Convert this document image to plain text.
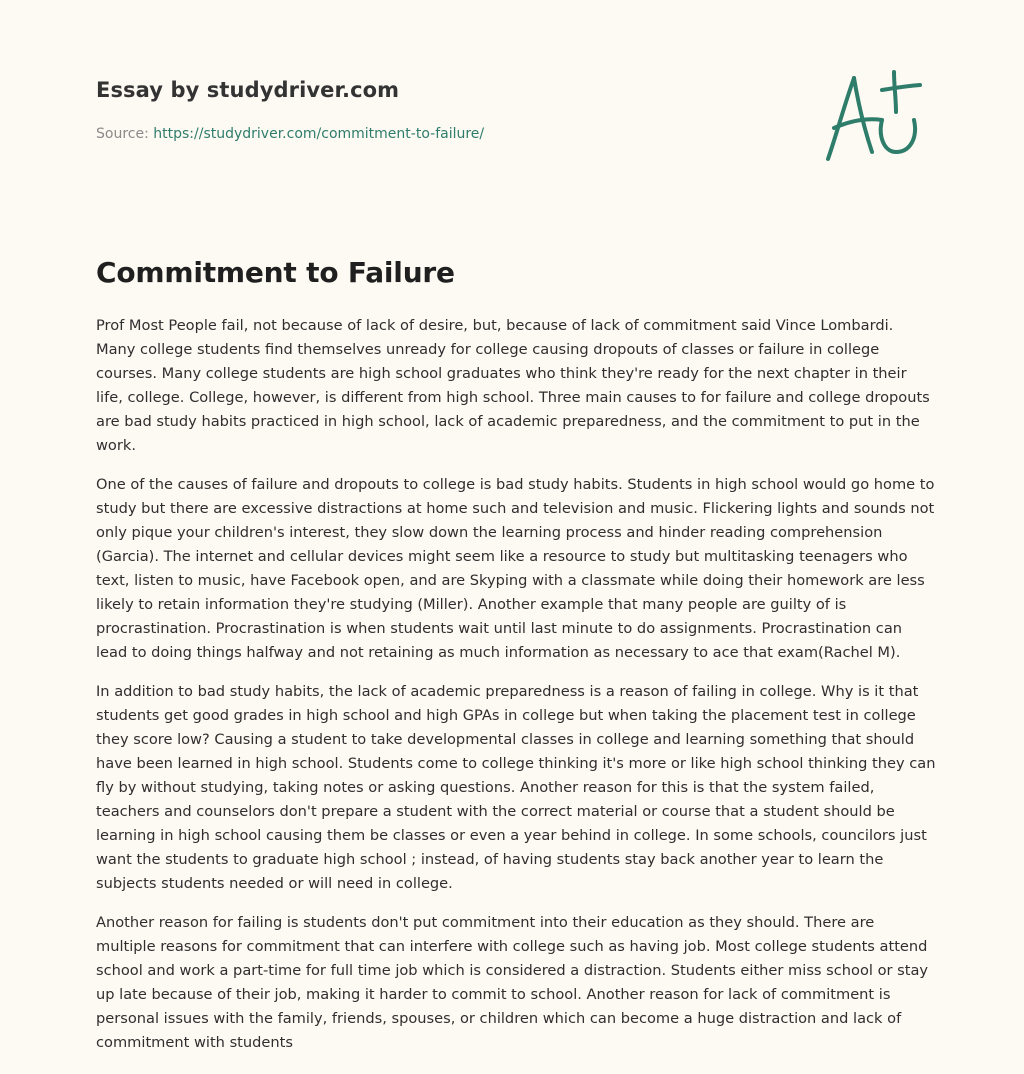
Essay by studydriver.com
Source: https://studydriver.com/commitment-to-failure/
Commitment to Failure

Prof Most People fail, not because of lack of desire, but, because of lack of commitment said Vince Lombardi. Many college students find themselves unready for college causing dropouts of classes or failure in college courses. Many college students are high school graduates who think they're ready for the next chapter in their life, college. College, however, is different from high school. Three main causes to for failure and college dropouts are bad study habits practiced in high school, lack of academic preparedness, and the commitment to put in the work.

One of the causes of failure and dropouts to college is bad study habits. Students in high school would go home to study but there are excessive distractions at home such and television and music. Flickering lights and sounds not only pique your children's interest, they slow down the learning process and hinder reading comprehension (Garcia). The internet and cellular devices might seem like a resource to study but multitasking teenagers who text, listen to music, have Facebook open, and are Skyping with a classmate while doing their homework are less likely to retain information they're studying (Miller). Another example that many people are guilty of is procrastination. Procrastination is when students wait until last minute to do assignments. Procrastination can lead to doing things halfway and not retaining as much information as necessary to ace that exam(Rachel M).

In addition to bad study habits, the lack of academic preparedness is a reason of failing in college. Why is it that students get good grades in high school and high GPAs in college but when taking the placement test in college they score low? Causing a student to take developmental classes in college and learning something that should have been learned in high school. Students come to college thinking it's more or like high school thinking they can fly by without studying, taking notes or asking questions. Another reason for this is that the system failed, teachers and counselors don't prepare a student with the correct material or course that a student should be learning in high school causing them be classes or even a year behind in college. In some schools, councilors just want the students to graduate high school ; instead, of having students stay back another year to learn the subjects students needed or will need in college.

Another reason for failing is students don't put commitment into their education as they should. There are multiple reasons for commitment that can interfere with college such as having job. Most college students attend school and work a part-time for full time job which is considered a distraction. Students either miss school or stay up late because of their job, making it harder to commit to school. Another reason for lack of commitment is personal issues with the family, friends, spouses, or children which can become a huge distraction and lack of commitment with students
